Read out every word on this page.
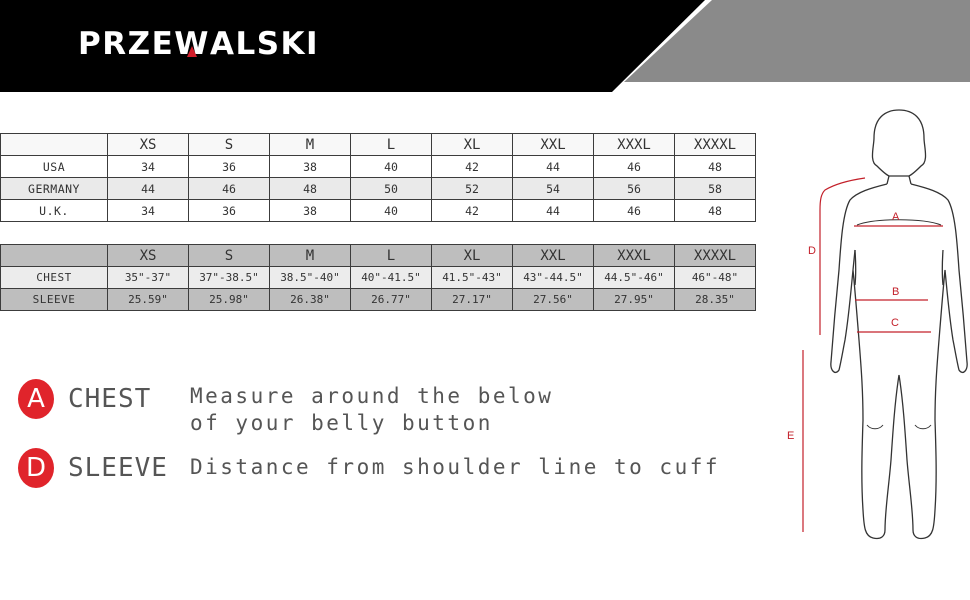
PRZEW
ALSKI
	XS	S	M	L	XL	XXL	XXXL	XXXXL
USA	34	36	38	40	42	44	46	48
GERMANY	44	46	48	50	52	54	56	58
U.K.	34	36	38	40	42	44	46	48
	XS	S	M	L	XL	XXL	XXXL	XXXXL
CHEST	35"-37"	37"-38.5"	38.5"-40"	40"-41.5"	41.5"-43"	43"-44.5"	44.5"-46"	46"-48"
SLEEVE	25.59"	25.98"	26.38"	26.77"	27.17"	27.56"	27.95"	28.35"
A CHEST Measure around the below
of your belly button
D SLEEVE Distance from shoulder line to cuff
A
B
C
D
E
